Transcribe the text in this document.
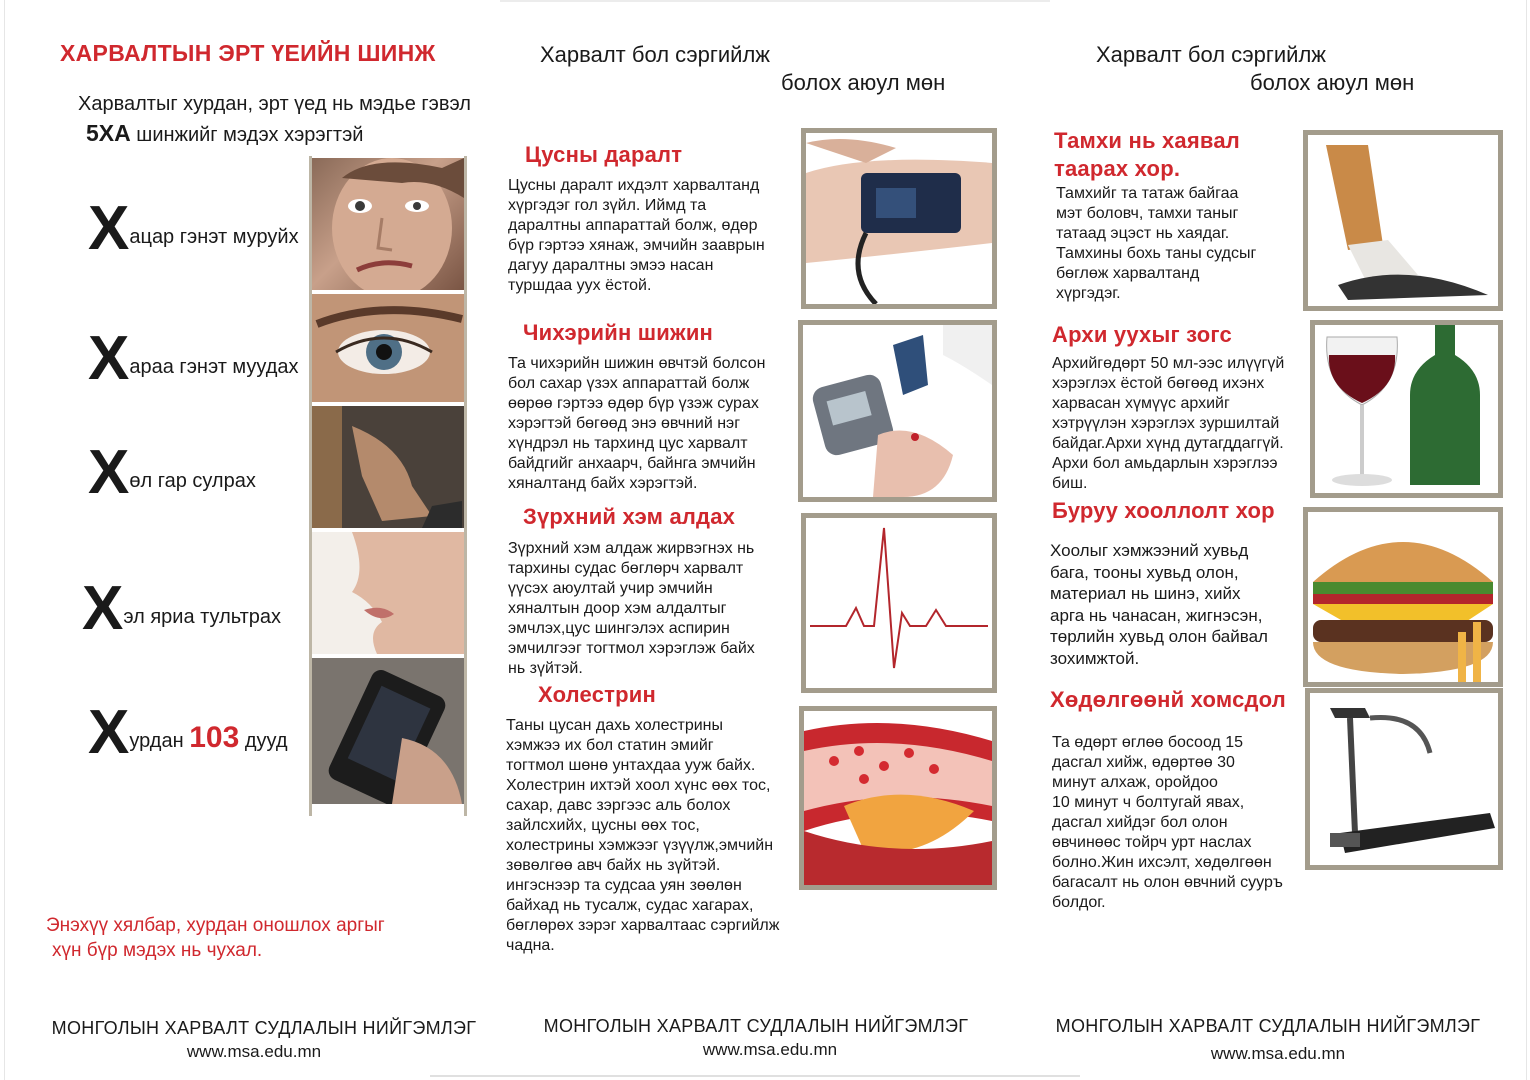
ХАРВАЛТЫН ЭРТ ҮЕИЙН ШИНЖ
Харвалтыг хурдан, эрт үед нь мэдье гэвэл
5ХА шинжийг мэдэх хэрэгтэй
Хацар гэнэт муруйх
Хараа гэнэт муудах
Хөл гар сулрах
Хэл яриа тультрах
Хурдан 103 дууд
Энэхүү хялбар, хурдан оношлох аргыг
хүн бүр мэдэх нь чухал.
МОНГОЛЫН ХАРВАЛТ СУДЛАЛЫН НИЙГЭМЛЭГ
www.msa.edu.mn
Харвалт бол сэргийлж
болох аюул мөн
Цусны даралт
Цусны даралт ихдэлт харвалтанд
хүргэдэг гол зүйл. Иймд та
даралтны аппараттай болж, өдөр
бүр гэртээ хянаж, эмчийн зааврын
дагуу даралтны эмээ насан
турш​даа уух ёстой.
Чихэрийн шижин
Та чихэрийн шижин өвчтэй болсон
бол сахар үзэх аппараттай болж
өөрөө гэртээ өдөр бүр үзэж сурах
хэрэгтэй бөгөөд энэ өвчний нэг
хүндрэл нь тархинд цус харвалт
байдгийг анхаарч, байнга эмчийн
хяналтанд байх хэрэгтэй.
Зүрхний хэм алдах
Зүрхний хэм алдаж жирвэгнэх нь
тархины судас бөглөрч харвалт
үүсэх аюултай учир эмчийн
хяналтын доор хэм алдалтыг
эмчлэх,цус шингэлэх аспирин
эмчилгээг тогтмол хэрэглэж байх
нь зүйтэй.
Холестрин
Таны цусан дахь холестрины
хэмжээ их бол статин эмийг
тогтмол шөнө унтахдаа ууж байх.
Холестрин ихтэй хоол хүнс өөх тос,
сахар, давс зэргээс аль болох
зайлсхийх, цусны өөх тос,
холестрины хэмжээг үзүүлж,эмчийн
зөвөлгөө авч байх нь зүйтэй.
ингэснээр та судсаа уян зөөлөн
байхад нь тусалж, судас хагарах,
бөглөрөх зэрэг харвалтаас сэргийлж
чадна.
МОНГОЛЫН ХАРВАЛТ СУДЛАЛЫН НИЙГЭМЛЭГ
www.msa.edu.mn
Харвалт бол сэргийлж
болох аюул мөн
Тамхи нь хаявал
таарах хор.
Тамхийг та татаж байгаа
мэт боловч, тамхи таныг
татаад эцэст нь хаядаг.
Тамхины бохь таны судсыг
бөглөж харвалтанд
хүргэдэг.
Архи уухыг зогс
Архийгөдөрт 50 мл-ээс илүүгүй
хэрэглэх ёстой бөгөөд ихэнх
харвасан хүмүүс архийг
хэтрүүлэн хэрэглэх зуршилтай
байдаг.Архи хүнд дутагддаггүй.
Архи бол амьдарлын хэрэглээ
биш.
Буруу хооллолт хор
Хоолыг хэмжээний хувьд
бага, тооны хувьд олон,
материал нь шинэ, хийх
арга нь чанасан, жигнэсэн,
төрлийн хувьд олон байвал
зохимжтой.
Хөдөлгөөнй хомсдол
Та өдөрт өглөө босоод 15
дасгал хийж, өдөртөө 30
минут алхаж, оройдоо
10 минут ч болтугай явах,
дасгал хийдэг бол олон
өвчинөөс тойрч урт наслах
болно.Жин ихсэлт, хөдөлгөөн
багасалт нь олон өвчний сууръ
болдог.
МОНГОЛЫН ХАРВАЛТ СУДЛАЛЫН НИЙГЭМЛЭГ
www.msa.edu.mn
